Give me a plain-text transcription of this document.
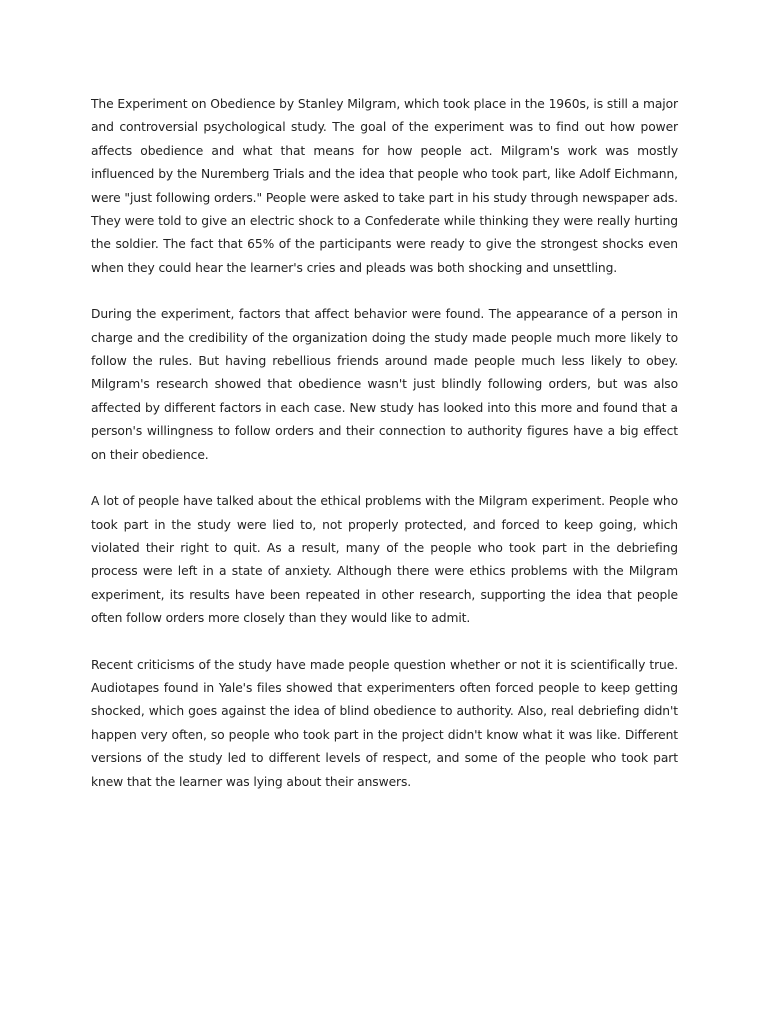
The Experiment on Obedience by Stanley Milgram, which took place in the 1960s, is still a major and controversial psychological study. The goal of the experiment was to find out how power affects obedience and what that means for how people act. Milgram's work was mostly influenced by the Nuremberg Trials and the idea that people who took part, like Adolf Eichmann, were "just following orders." People were asked to take part in his study through newspaper ads. They were told to give an electric shock to a Confederate while thinking they were really hurting the soldier. The fact that 65% of the participants were ready to give the strongest shocks even when they could hear the learner's cries and pleads was both shocking and unsettling.

During the experiment, factors that affect behavior were found. The appearance of a person in charge and the credibility of the organization doing the study made people much more likely to follow the rules. But having rebellious friends around made people much less likely to obey. Milgram's research showed that obedience wasn't just blindly following orders, but was also affected by different factors in each case. New study has looked into this more and found that a person's willingness to follow orders and their connection to authority figures have a big effect on their obedience.

A lot of people have talked about the ethical problems with the Milgram experiment. People who took part in the study were lied to, not properly protected, and forced to keep going, which violated their right to quit. As a result, many of the people who took part in the debriefing process were left in a state of anxiety. Although there were ethics problems with the Milgram experiment, its results have been repeated in other research, supporting the idea that people often follow orders more closely than they would like to admit.

Recent criticisms of the study have made people question whether or not it is scientifically true. Audiotapes found in Yale's files showed that experimenters often forced people to keep getting shocked, which goes against the idea of blind obedience to authority. Also, real debriefing didn't happen very often, so people who took part in the project didn't know what it was like. Different versions of the study led to different levels of respect, and some of the people who took part knew that the learner was lying about their answers.
